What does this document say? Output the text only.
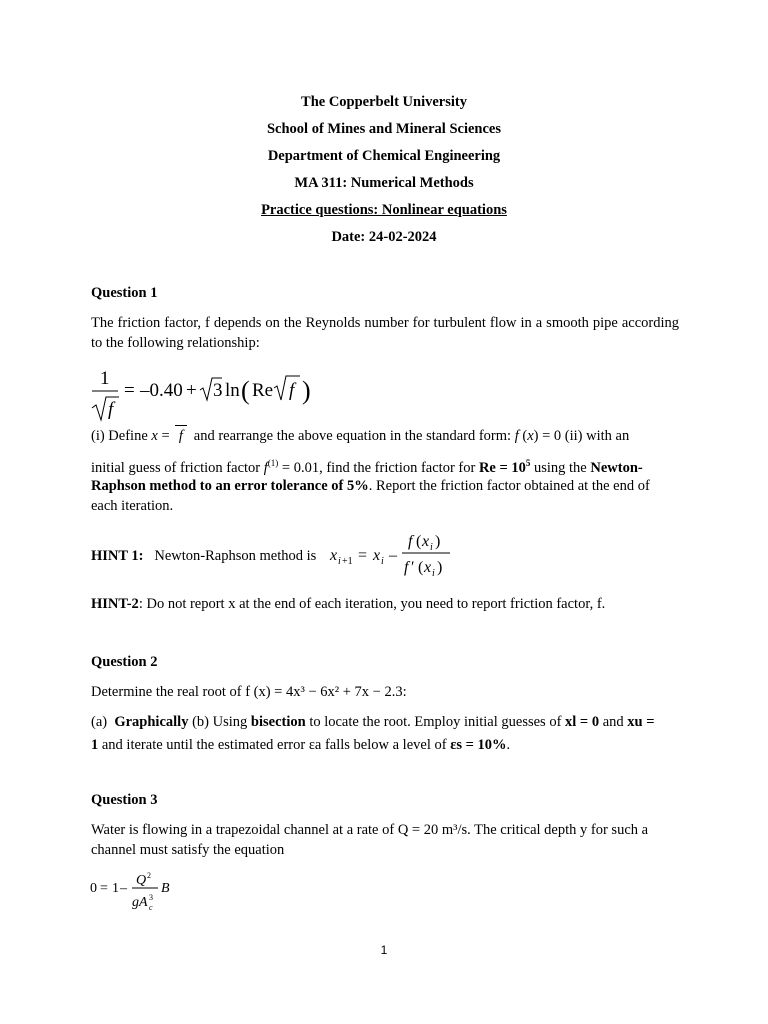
The Copperbelt University
School of Mines and Mineral Sciences
Department of Chemical Engineering
MA 311: Numerical Methods
Practice questions: Nonlinear equations
Date: 24-02-2024
Question 1
The friction factor, f depends on the Reynolds number for turbulent flow in a smooth pipe according to the following relationship:
1
f
= –0.40 + 3 ln ( Re f )
(i) Define x =  f and rearrange the above equation in the standard form: f (x) = 0 (ii) with an
initial guess of friction factor $f^{(1)} = 0.01$, find the friction factor for $Re = 10^5$ using the Newton-
Raphson method to an error tolerance of 5%. Report the friction factor obtained at the end of
each iteration.
HINT 1: Newton-Raphson method is x i +1 = x i –
f ( x i )
f ′ ( x i )
HINT-2: Do not report x at the end of each iteration, you need to report friction factor, f.
Question 2
Determine the real root of f (x) = 4x³ − 6x² + 7x − 2.3:
(a) Graphically (b) Using bisection to locate the root. Employ initial guesses of xl = 0 and xu =
1 and iterate until the estimated error εa falls below a level of εs = 10%.
Question 3
Water is flowing in a trapezoidal channel at a rate of Q = 20 m³/s. The critical depth y for such a
channel must satisfy the equation
0 = 1 –
Q 2
gA 3
c
B
1
